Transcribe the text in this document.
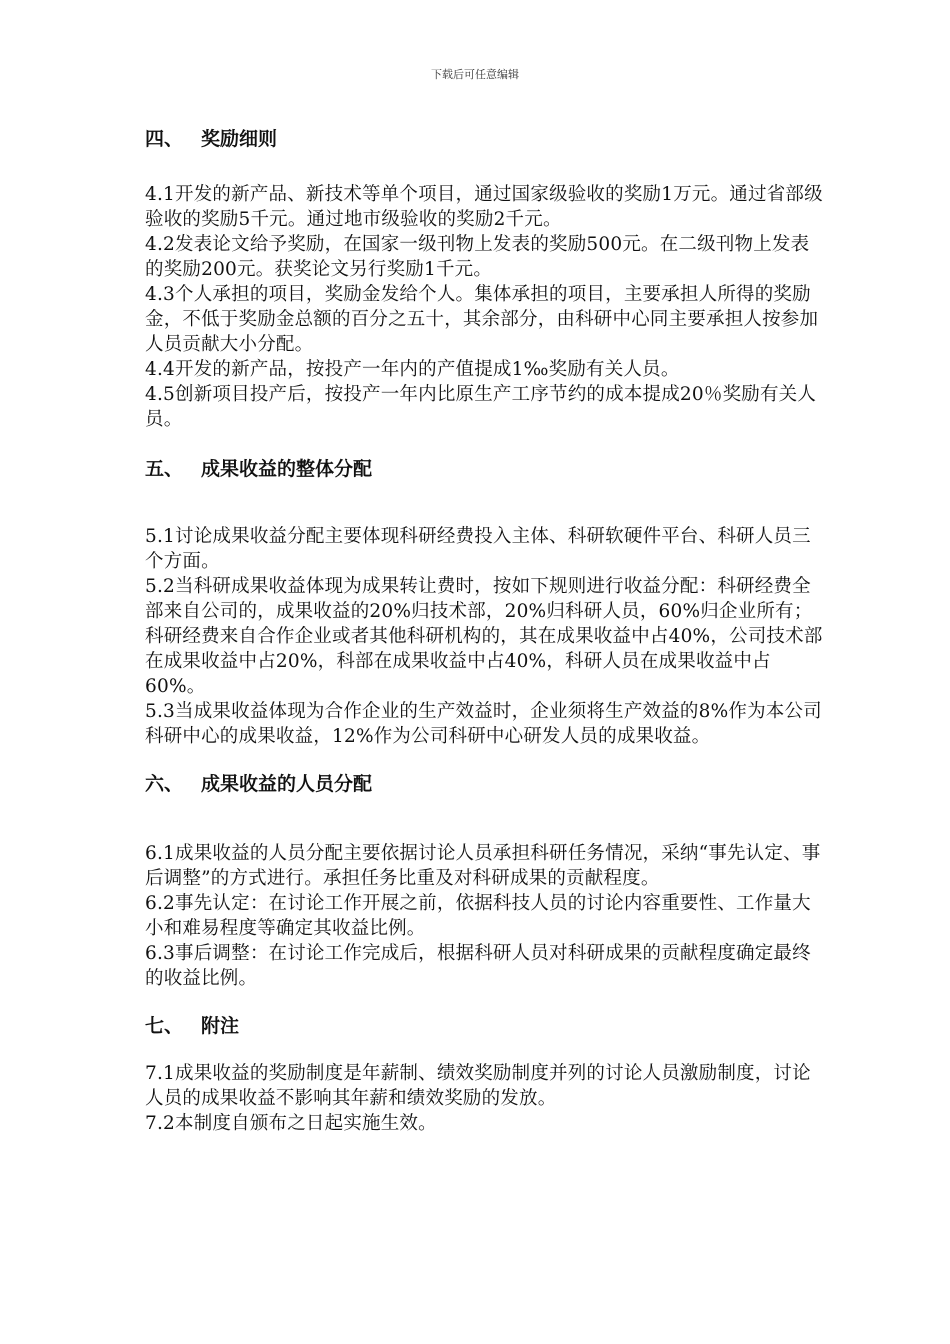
下载后可任意编辑
四、 奖励细则

4.1开发的新产品、新技术等单个项目，通过国家级验收的奖励1万元。通过省部级验收的奖励5千元。通过地市级验收的奖励2千元。

4.2发表论文给予奖励，在国家一级刊物上发表的奖励500元。在二级刊物上发表的奖励200元。获奖论文另行奖励1千元。

4.3个人承担的项目，奖励金发给个人。集体承担的项目，主要承担人所得的奖励金，不低于奖励金总额的百分之五十，其余部分，由科研中心同主要承担人按参加人员贡献大小分配。

4.4开发的新产品，按投产一年内的产值提成1‰奖励有关人员。

4.5创新项目投产后，按投产一年内比原生产工序节约的成本提成20％奖励有关人员。

五、 成果收益的整体分配

5.1讨论成果收益分配主要体现科研经费投入主体、科研软硬件平台、科研人员三个方面。

5.2当科研成果收益体现为成果转让费时，按如下规则进行收益分配：科研经费全部来自公司的，成果收益的20%归技术部，20%归科研人员，60%归企业所有；科研经费来自合作企业或者其他科研机构的，其在成果收益中占40%，公司技术部在成果收益中占20%，科部在成果收益中占40%，科研人员在成果收益中占60%。

5.3当成果收益体现为合作企业的生产效益时，企业须将生产效益的8%作为本公司科研中心的成果收益，12%作为公司科研中心研发人员的成果收益。

六、 成果收益的人员分配

6.1成果收益的人员分配主要依据讨论人员承担科研任务情况，采纳“事先认定、事后调整”的方式进行。承担任务比重及对科研成果的贡献程度。

6.2事先认定：在讨论工作开展之前，依据科技人员的讨论内容重要性、工作量大小和难易程度等确定其收益比例。

6.3事后调整：在讨论工作完成后，根据科研人员对科研成果的贡献程度确定最终的收益比例。

七、 附注

7.1成果收益的奖励制度是年薪制、绩效奖励制度并列的讨论人员激励制度，讨论人员的成果收益不影响其年薪和绩效奖励的发放。

7.2本制度自颁布之日起实施生效。
